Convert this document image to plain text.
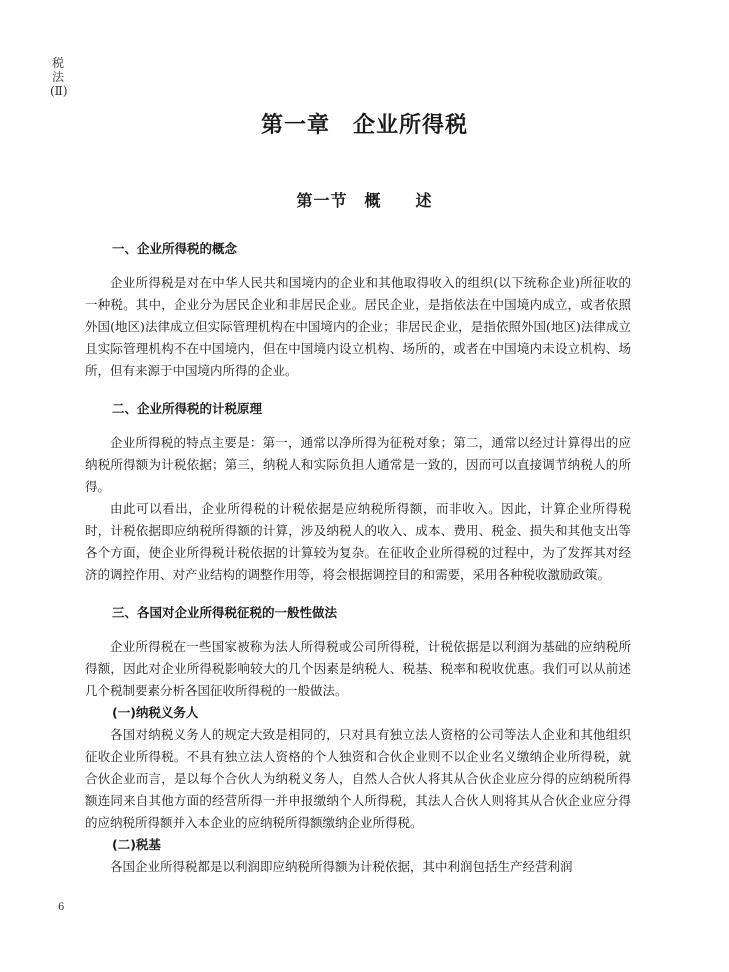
税法(Ⅱ)
第一章　企业所得税
第一节　概　　述
一、企业所得税的概念

企业所得税是对在中华人民共和国境内的企业和其他取得收入的组织(以下统称企业)所征收的一种税。其中，企业分为居民企业和非居民企业。居民企业，是指依法在中国境内成立，或者依照外国(地区)法律成立但实际管理机构在中国境内的企业；非居民企业，是指依照外国(地区)法律成立且实际管理机构不在中国境内，但在中国境内设立机构、场所的，或者在中国境内未设立机构、场所，但有来源于中国境内所得的企业。

二、企业所得税的计税原理

企业所得税的特点主要是：第一，通常以净所得为征税对象；第二，通常以经过计算得出的应纳税所得额为计税依据；第三，纳税人和实际负担人通常是一致的，因而可以直接调节纳税人的所得。

由此可以看出，企业所得税的计税依据是应纳税所得额，而非收入。因此，计算企业所得税时，计税依据即应纳税所得额的计算，涉及纳税人的收入、成本、费用、税金、损失和其他支出等各个方面，使企业所得税计税依据的计算较为复杂。在征收企业所得税的过程中，为了发挥其对经济的调控作用、对产业结构的调整作用等，将会根据调控目的和需要，采用各种税收激励政策。

三、各国对企业所得税征税的一般性做法

企业所得税在一些国家被称为法人所得税或公司所得税，计税依据是以利润为基础的应纳税所得额，因此对企业所得税影响较大的几个因素是纳税人、税基、税率和税收优惠。我们可以从前述几个税制要素分析各国征收所得税的一般做法。

(一)纳税义务人

各国对纳税义务人的规定大致是相同的，只对具有独立法人资格的公司等法人企业和其他组织征收企业所得税。不具有独立法人资格的个人独资和合伙企业则不以企业名义缴纳企业所得税，就合伙企业而言，是以每个合伙人为纳税义务人，自然人合伙人将其从合伙企业应分得的应纳税所得额连同来自其他方面的经营所得一并申报缴纳个人所得税，其法人合伙人则将其从合伙企业应分得的应纳税所得额并入本企业的应纳税所得额缴纳企业所得税。

(二)税基

各国企业所得税都是以利润即应纳税所得额为计税依据，其中利润包括生产经营利润

6
